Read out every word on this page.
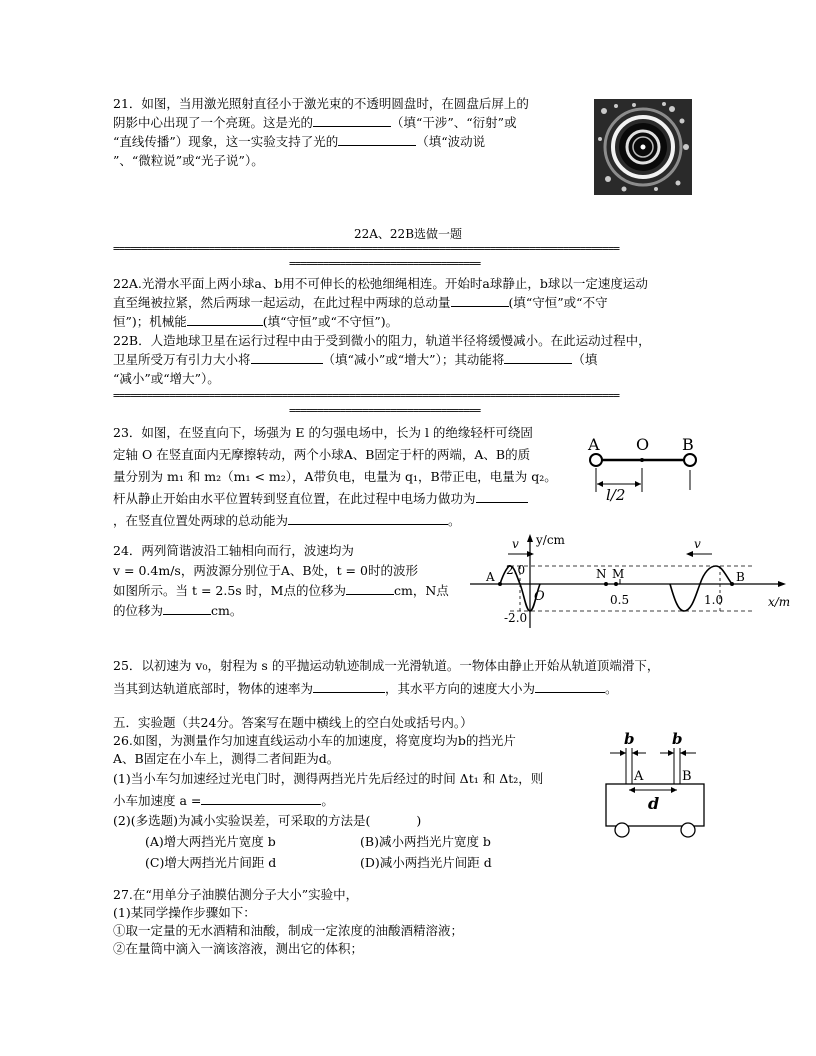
21．如图，当用激光照射直径小于激光束的不透明圆盘时，在圆盘后屏上的

阴影中心出现了一个亮斑。这是光的	（填“干涉”、“衍射”或

“直线传播”）现象，这一实验支持了光的	（填“波动说

”、“微粒说”或“光子说”）。

22A、22B选做一题
==========================================================================================
==================================

22A.光滑水平面上两小球a、b用不可伸长的松弛细绳相连。开始时a球静止，b球以一定速度运动

直至绳被拉紧，然后两球一起运动，在此过程中两球的总动量	(填“守恒”或“不守

恒”)；机械能	(填“守恒”或“不守恒”)。

22B．人造地球卫星在运行过程中由于受到微小的阻力，轨道半径将缓慢减小。在此运动过程中，

卫星所受万有引力大小将	（填“减小”或“增大”）；其动能将	（填

“减小”或“增大”）。

==========================================================================================
==================================

23．如图，在竖直向下，场强为 E 的匀强电场中，长为 l 的绝缘轻杆可绕固

定轴 O 在竖直面内无摩擦转动，两个小球A、B固定于杆的两端，A、B的质

量分别为 m₁ 和 m₂（m₁ < m₂），A带负电，电量为 q₁，B带正电，电量为 q₂。

杆从静止开始由水平位置转到竖直位置，在此过程中电场力做功为

，在竖直位置处两球的总动能为	。

A O B
l/2

24．两列简谐波沿工轴相向而行，波速均为

v = 0.4m/s，两波源分别位于A、B处，t = 0时的波形

如图所示。当 t = 2.5s 时，M点的位移为	cm，N点

的位移为	cm。

y/cm
x/m
O
2.0
-2.0
0.5	1.0
A	B
N M
v	v

25．以初速为 v₀，射程为 s 的平抛运动轨迹制成一光滑轨道。一物体由静止开始从轨道顶端滑下，

当其到达轨道底部时，物体的速率为	，其水平方向的速度大小为	。

五．实验题（共24分。答案写在题中横线上的空白处或括号内。）

26.如图，为测量作匀加速直线运动小车的加速度，将宽度均为b的挡光片

A、B固定在小车上，测得二者间距为d。

(1)当小车匀加速经过光电门时，测得两挡光片先后经过的时间 Δt₁ 和 Δt₂，则

小车加速度 a =	。

(2)(多选题)为减小实验误差，可采取的方法是(	)

(A)增大两挡光片宽度 b	(B)减小两挡光片宽度 b
(C)增大两挡光片间距 d	(D)减小两挡光片间距 d
b	b
A	B
d

27.在“用单分子油膜估测分子大小”实验中，

(1)某同学操作步骤如下：

①取一定量的无水酒精和油酸，制成一定浓度的油酸酒精溶液；

②在量筒中滴入一滴该溶液，测出它的体积；
